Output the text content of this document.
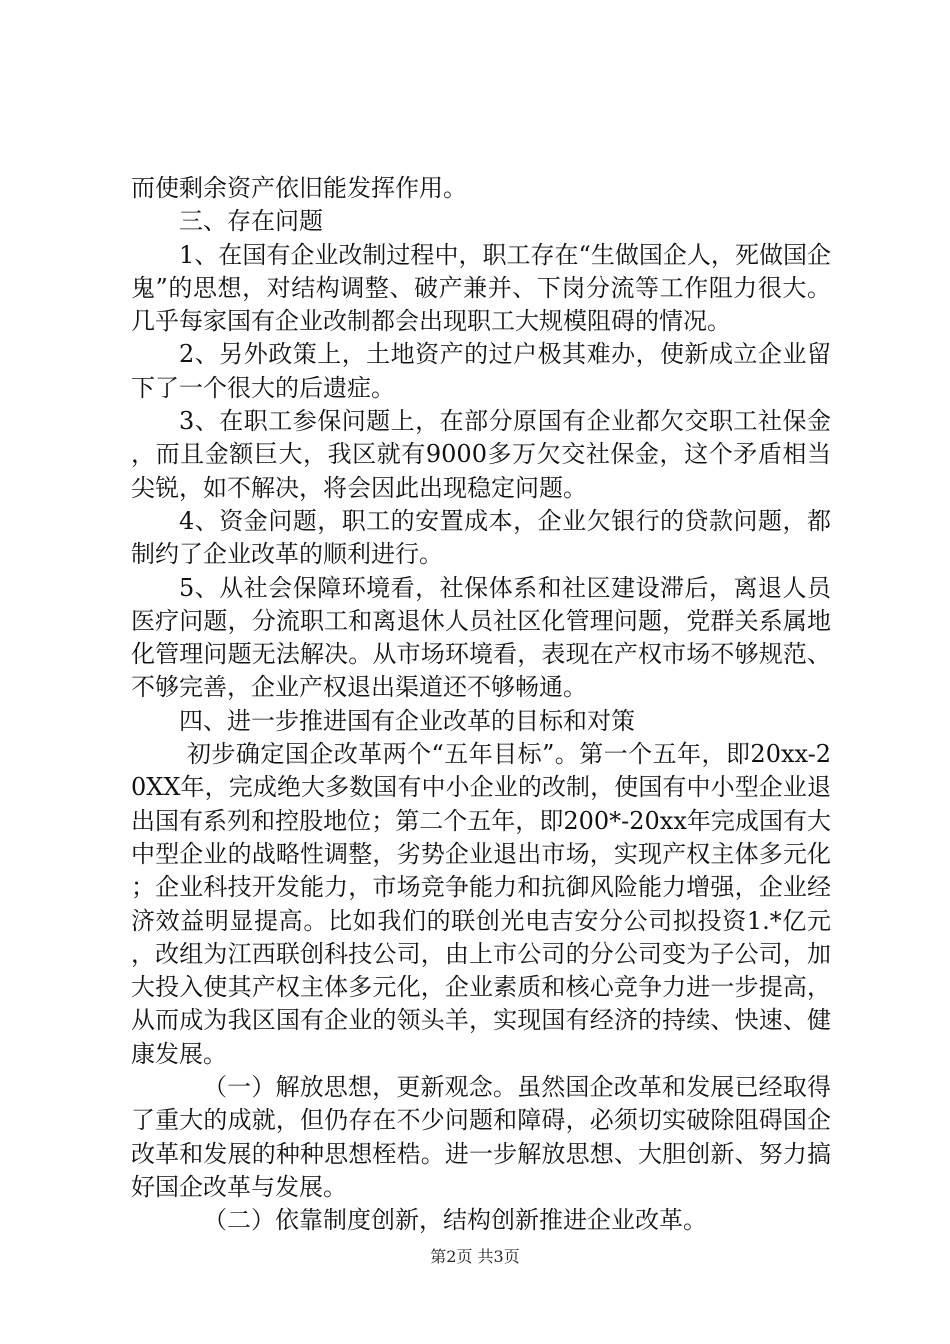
而使剩余资产依旧能发挥作用。

三、存在问题

1、在国有企业改制过程中，职工存在“生做国企人，死做国企鬼”的思想，对结构调整、破产兼并、下岗分流等工作阻力很大。几乎每家国有企业改制都会出现职工大规模阻碍的情况。

2、另外政策上，土地资产的过户极其难办，使新成立企业留下了一个很大的后遗症。

3、在职工参保问题上，在部分原国有企业都欠交职工社保金，而且金额巨大，我区就有9000多万欠交社保金，这个矛盾相当尖锐，如不解决，将会因此出现稳定问题。

4、资金问题，职工的安置成本，企业欠银行的贷款问题，都制约了企业改革的顺利进行。

5、从社会保障环境看，社保体系和社区建设滞后，离退人员医疗问题，分流职工和离退休人员社区化管理问题，党群关系属地化管理问题无法解决。从市场环境看，表现在产权市场不够规范、不够完善，企业产权退出渠道还不够畅通。

四、进一步推进国有企业改革的目标和对策

初步确定国企改革两个“五年目标”。第一个五年，即20xx-20XX年，完成绝大多数国有中小企业的改制，使国有中小型企业退出国有系列和控股地位；第二个五年，即200*-20xx年完成国有大中型企业的战略性调整，劣势企业退出市场，实现产权主体多元化；企业科技开发能力，市场竞争能力和抗御风险能力增强，企业经济效益明显提高。比如我们的联创光电吉安分公司拟投资1.*亿元，改组为江西联创科技公司，由上市公司的分公司变为子公司，加大投入使其产权主体多元化，企业素质和核心竞争力进一步提高，从而成为我区国有企业的领头羊，实现国有经济的持续、快速、健康发展。

（一）解放思想，更新观念。虽然国企改革和发展已经取得了重大的成就，但仍存在不少问题和障碍，必须切实破除阻碍国企改革和发展的种种思想桎梏。进一步解放思想、大胆创新、努力搞好国企改革与发展。

（二）依靠制度创新，结构创新推进企业改革。

第2页 共3页
